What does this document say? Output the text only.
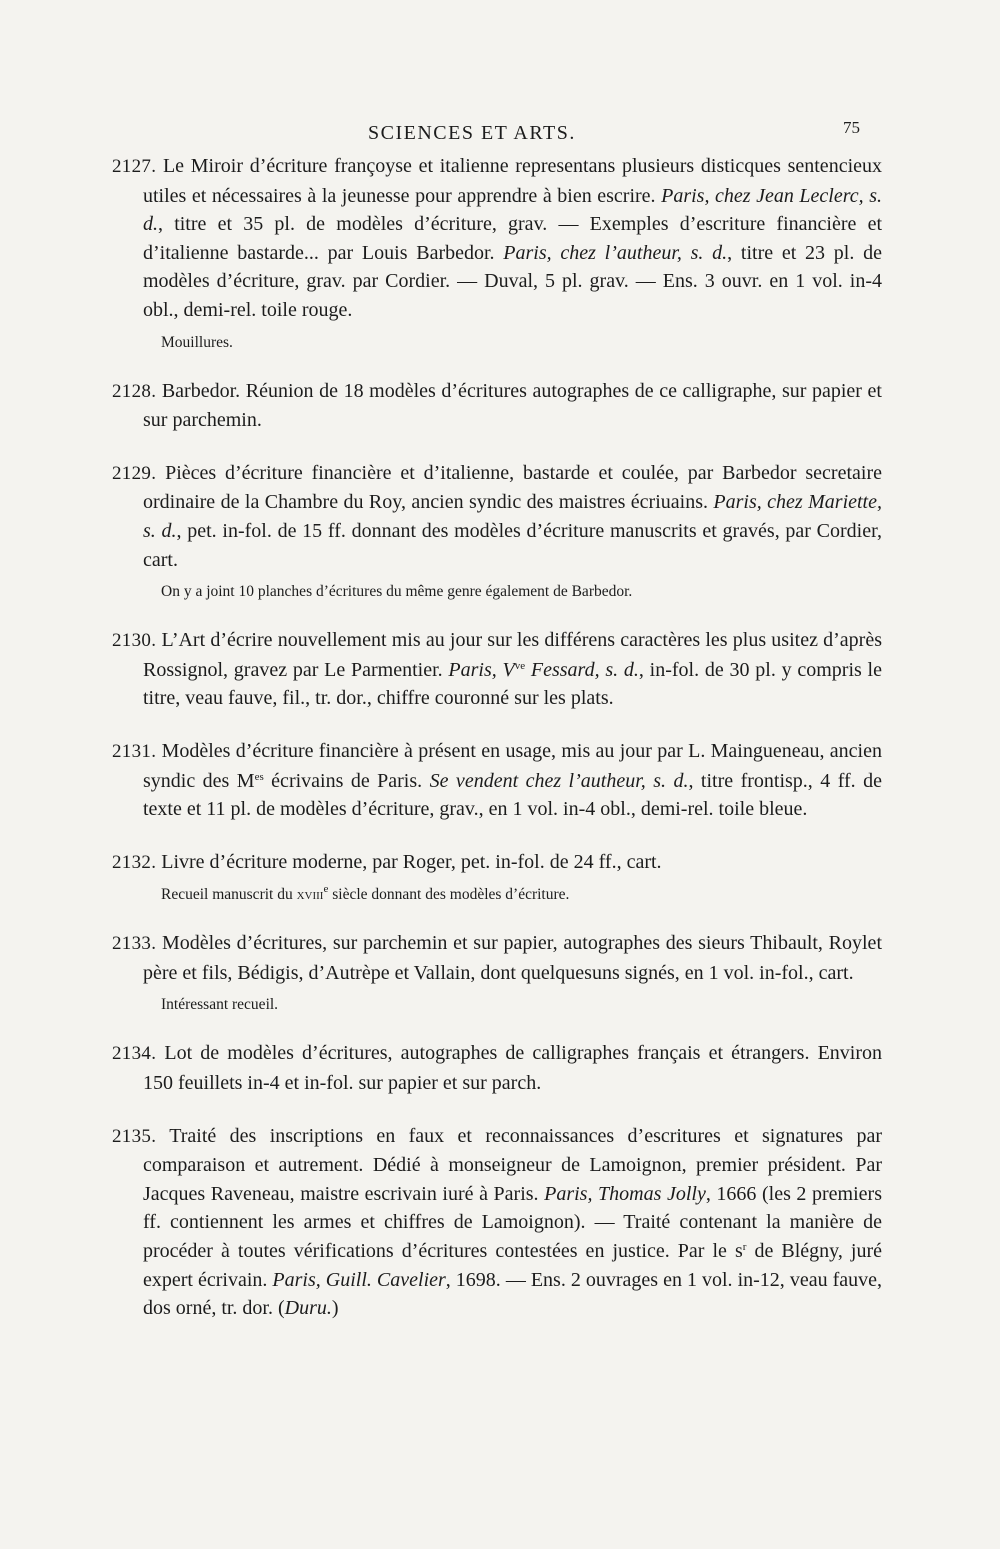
SCIENCES ET ARTS.	75

2127. Le Miroir d’écriture françoyse et italienne representans plusieurs disticques sentencieux utiles et nécessaires à la jeunesse pour apprendre à bien escrire. Paris, chez Jean Leclerc, s. d., titre et 35 pl. de modèles d’écriture, grav. — Exemples d’escriture financière et d’italienne bastarde... par Louis Barbedor. Paris, chez l’autheur, s. d., titre et 23 pl. de modèles d’écriture, grav. par Cordier. — Duval, 5 pl. grav. — Ens. 3 ouvr. en 1 vol. in-4 obl., demi-rel. toile rouge.

Mouillures.

2128. Barbedor. Réunion de 18 modèles d’écritures autographes de ce calligraphe, sur papier et sur parchemin.

2129. Pièces d’écriture financière et d’italienne, bastarde et coulée, par Barbedor secretaire ordinaire de la Chambre du Roy, ancien syndic des maistres écriuains. Paris, chez Mariette, s. d., pet. in-fol. de 15 ff. donnant des modèles d’écriture manuscrits et gravés, par Cordier, cart.

On y a joint 10 planches d’écritures du même genre également de Barbedor.

2130. L’Art d’écrire nouvellement mis au jour sur les différens caractères les plus usitez d’après Rossignol, gravez par Le Parmentier. Paris, $V^{ve}$ Fessard, s. d., in-fol. de 30 pl. y compris le titre, veau fauve, fil., tr. dor., chiffre couronné sur les plats.

2131. Modèles d’écriture financière à présent en usage, mis au jour par L. Maingueneau, ancien syndic des $M^{es}$ écrivains de Paris. Se vendent chez l’autheur, s. d., titre frontisp., 4 ff. de texte et 11 pl. de modèles d’écriture, grav., en 1 vol. in-4 obl., demi-rel. toile bleue.

2132. Livre d’écriture moderne, par Roger, pet. in-fol. de 24 ff., cart.

Recueil manuscrit du xviii$^e$ siècle donnant des modèles d’écriture.

2133. Modèles d’écritures, sur parchemin et sur papier, autographes des sieurs Thibault, Roylet père et fils, Bédigis, d’Autrèpe et Vallain, dont quelquesuns signés, en 1 vol. in-fol., cart.

Intéressant recueil.

2134. Lot de modèles d’écritures, autographes de calligraphes français et étrangers. Environ 150 feuillets in-4 et in-fol. sur papier et sur parch.

2135. Traité des inscriptions en faux et reconnaissances d’escritures et signatures par comparaison et autrement. Dédié à monseigneur de Lamoignon, premier président. Par Jacques Raveneau, maistre escrivain iuré à Paris. Paris, Thomas Jolly, 1666 (les 2 premiers ff. contiennent les armes et chiffres de Lamoignon). — Traité contenant la manière de procéder à toutes vérifications d’écritures contestées en justice. Par le $s^r$ de Blégny, juré expert écrivain. Paris, Guill. Cavelier, 1698. — Ens. 2 ouvrages en 1 vol. in-12, veau fauve, dos orné, tr. dor. (Duru.)
